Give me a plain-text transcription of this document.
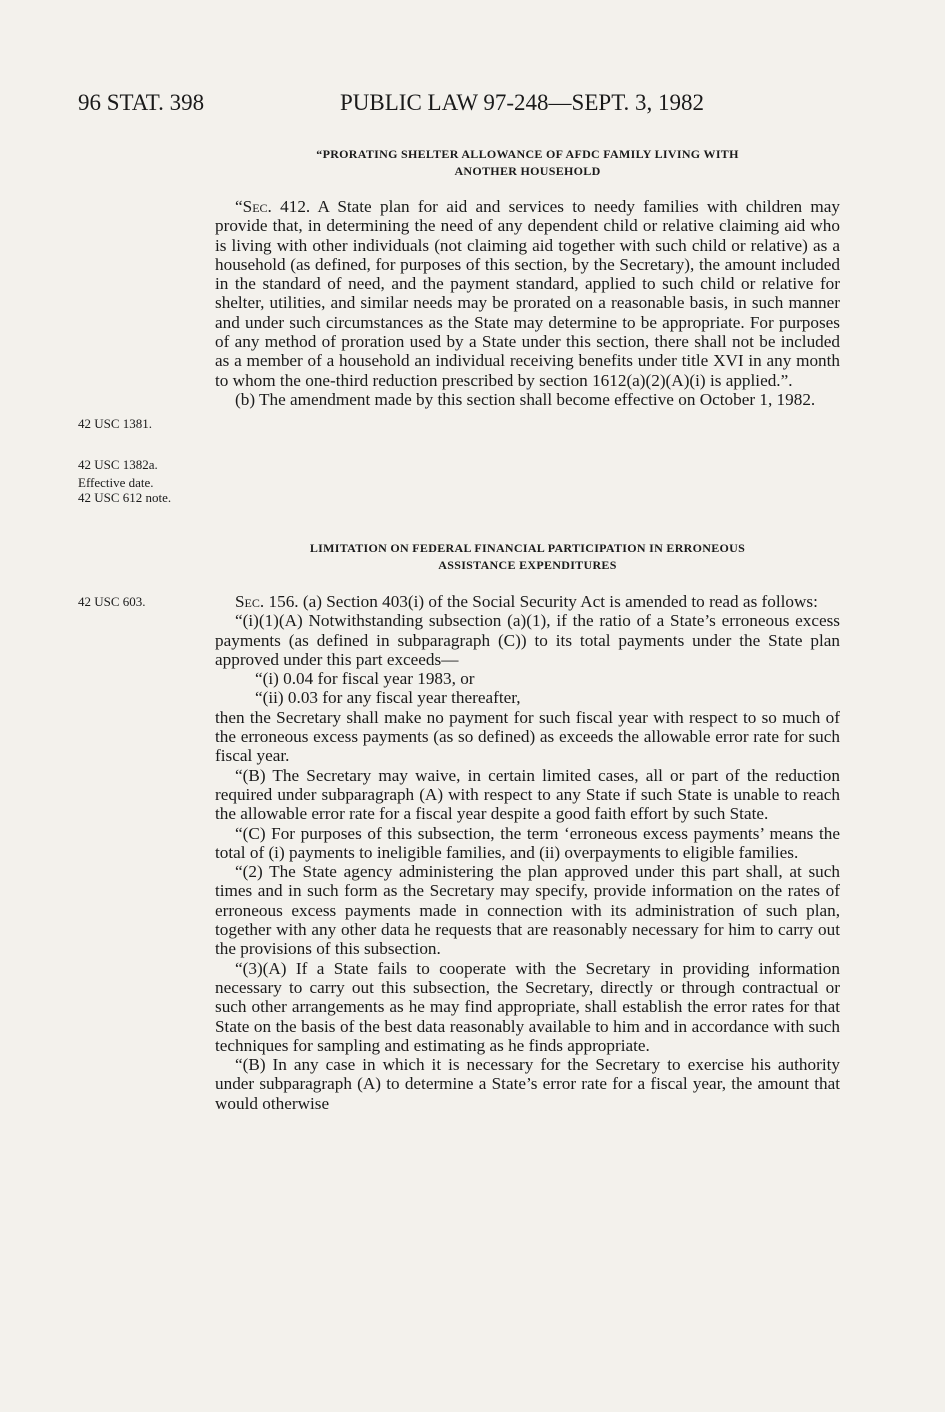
96 STAT. 398	PUBLIC LAW 97-248—SEPT. 3, 1982
“PRORATING SHELTER ALLOWANCE OF AFDC FAMILY LIVING WITH
ANOTHER HOUSEHOLD

“Sec. 412. A State plan for aid and services to needy families with children may provide that, in determining the need of any dependent child or relative claiming aid who is living with other individuals (not claiming aid together with such child or relative) as a household (as defined, for purposes of this section, by the Secretary), the amount included in the standard of need, and the payment standard, applied to such child or relative for shelter, utilities, and similar needs may be prorated on a reasonable basis, in such manner and under such circumstances as the State may determine to be appropriate. For purposes of any method of proration used by a State under this section, there shall not be included as a member of a household an individual receiving benefits under title XVI in any month to whom the one-third reduction prescribed by section 1612(a)(2)(A)(i) is applied.”.

(b) The amendment made by this section shall become effective on October 1, 1982.

42 USC 1381.
42 USC 1382a.
Effective date.
42 USC 612 note.
LIMITATION ON FEDERAL FINANCIAL PARTICIPATION IN ERRONEOUS
ASSISTANCE EXPENDITURES
42 USC 603.	Sec. 156. (a) Section 403(i) of the Social Security Act is amended to read as follows:

“(i)(1)(A) Notwithstanding subsection (a)(1), if the ratio of a State’s erroneous excess payments (as defined in subparagraph (C)) to its total payments under the State plan approved under this part exceeds—

“(i) 0.04 for fiscal year 1983, or

“(ii) 0.03 for any fiscal year thereafter,

then the Secretary shall make no payment for such fiscal year with respect to so much of the erroneous excess payments (as so defined) as exceeds the allowable error rate for such fiscal year.

“(B) The Secretary may waive, in certain limited cases, all or part of the reduction required under subparagraph (A) with respect to any State if such State is unable to reach the allowable error rate for a fiscal year despite a good faith effort by such State.

“(C) For purposes of this subsection, the term ‘erroneous excess payments’ means the total of (i) payments to ineligible families, and (ii) overpayments to eligible families.

“(2) The State agency administering the plan approved under this part shall, at such times and in such form as the Secretary may specify, provide information on the rates of erroneous excess payments made in connection with its administration of such plan, together with any other data he requests that are reasonably necessary for him to carry out the provisions of this subsection.

“(3)(A) If a State fails to cooperate with the Secretary in providing information necessary to carry out this subsection, the Secretary, directly or through contractual or such other arrangements as he may find appropriate, shall establish the error rates for that State on the basis of the best data reasonably available to him and in accordance with such techniques for sampling and estimating as he finds appropriate.

“(B) In any case in which it is necessary for the Secretary to exercise his authority under subparagraph (A) to determine a State’s error rate for a fiscal year, the amount that would otherwise
